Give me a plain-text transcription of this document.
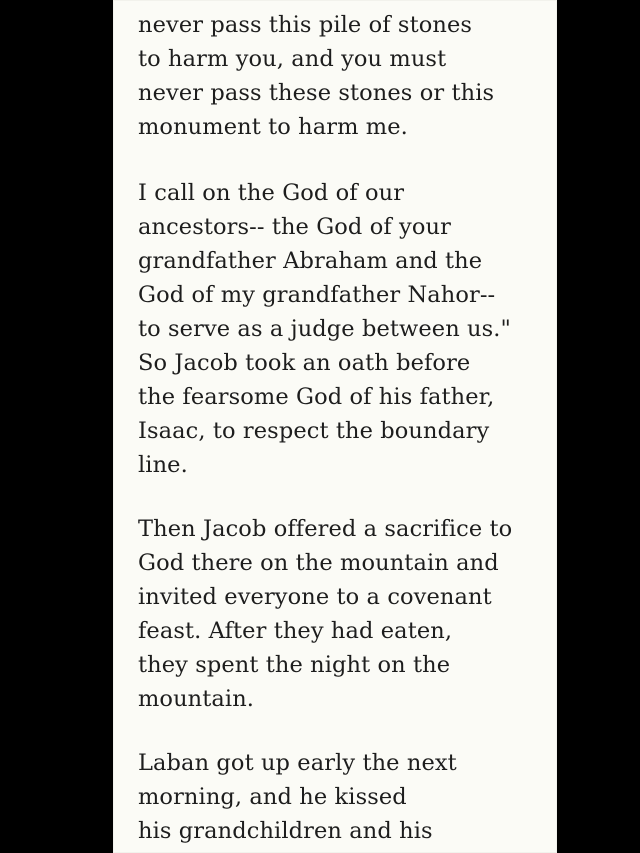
never pass this pile of stones
to harm you, and you must
never pass these stones or this
monument to harm me.
I call on the God of our
ancestors-- the God of your
grandfather Abraham and the
God of my grandfather Nahor--
to serve as a judge between us."
So Jacob took an oath before
the fearsome God of his father,
Isaac, to respect the boundary
line.
Then Jacob offered a sacrifice to
God there on the mountain and
invited everyone to a covenant
feast. After they had eaten,
they spent the night on the
mountain.
Laban got up early the next
morning, and he kissed
his grandchildren and his
